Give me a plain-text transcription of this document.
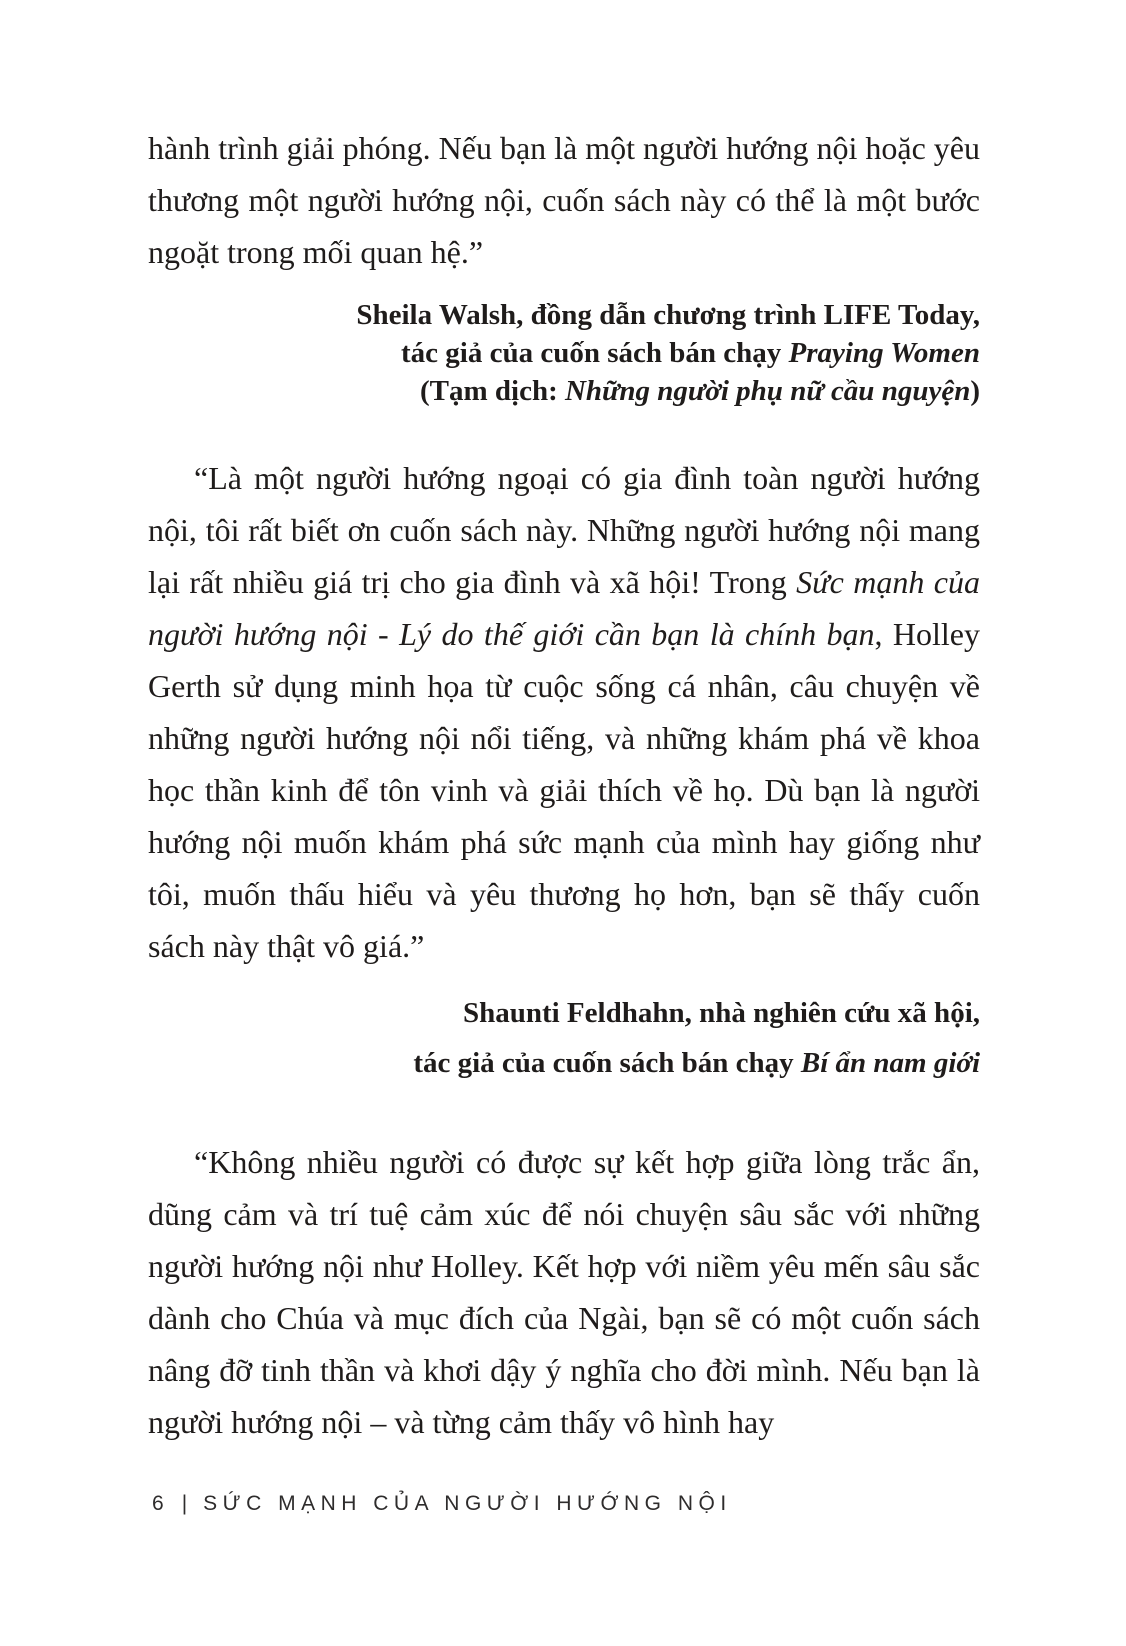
hành trình giải phóng. Nếu bạn là một người hướng nội hoặc yêu thương một người hướng nội, cuốn sách này có thể là một bước ngoặt trong mối quan hệ.”

Sheila Walsh, đồng dẫn chương trình LIFE Today,

tác giả của cuốn sách bán chạy Praying Women

(Tạm dịch: Những người phụ nữ cầu nguyện)

“Là một người hướng ngoại có gia đình toàn người hướng nội, tôi rất biết ơn cuốn sách này. Những người hướng nội mang lại rất nhiều giá trị cho gia đình và xã hội! Trong Sức mạnh của người hướng nội - Lý do thế giới cần bạn là chính bạn, Holley Gerth sử dụng minh họa từ cuộc sống cá nhân, câu chuyện về những người hướng nội nổi tiếng, và những khám phá về khoa học thần kinh để tôn vinh và giải thích về họ. Dù bạn là người hướng nội muốn khám phá sức mạnh của mình hay giống như tôi, muốn thấu hiểu và yêu thương họ hơn, bạn sẽ thấy cuốn sách này thật vô giá.”

Shaunti Feldhahn, nhà nghiên cứu xã hội,

tác giả của cuốn sách bán chạy Bí ẩn nam giới

“Không nhiều người có được sự kết hợp giữa lòng trắc ẩn, dũng cảm và trí tuệ cảm xúc để nói chuyện sâu sắc với những người hướng nội như Holley. Kết hợp với niềm yêu mến sâu sắc dành cho Chúa và mục đích của Ngài, bạn sẽ có một cuốn sách nâng đỡ tinh thần và khơi dậy ý nghĩa cho đời mình. Nếu bạn là người hướng nội – và từng cảm thấy vô hình hay

6 | SỨC MẠNH CỦA NGƯỜI HƯỚNG NỘI
